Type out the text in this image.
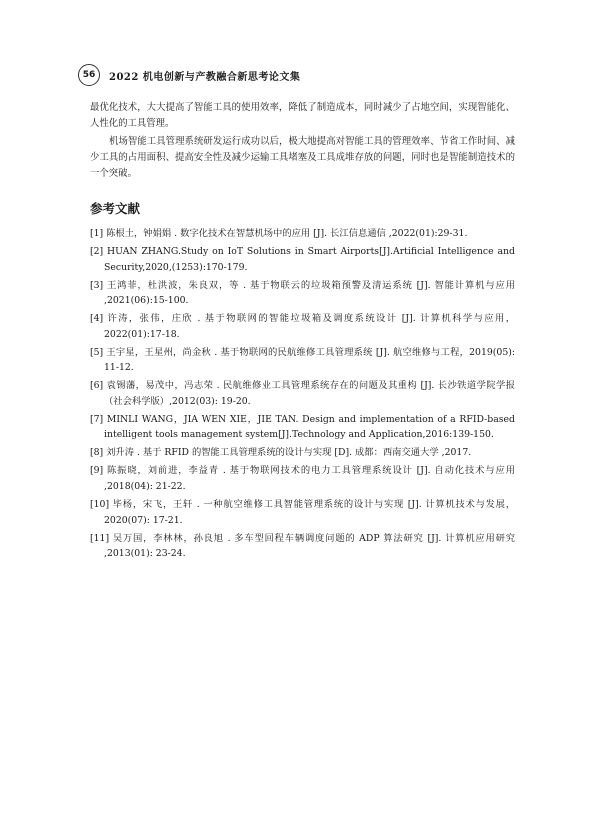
56	2022 机电创新与产教融合新思考论文集

最优化技术，大大提高了智能工具的使用效率，降低了制造成本，同时减少了占地空间，实现智能化、人性化的工具管理。

机场智能工具管理系统研发运行成功以后，极大地提高对智能工具的管理效率、节省工作时间、减少工具的占用面积、提高安全性及减少运输工具堵塞及工具成堆存放的问题，同时也是智能制造技术的一个突破。

参考文献
[1] 陈根土，钟娟娟 . 数字化技术在智慧机场中的应用 [J]. 长江信息通信 ,2022(01):29-31.
[2] HUAN ZHANG.Study on IoT Solutions in Smart Airports[J].Artificial Intelligence and Security,2020,(1253):170-179.
[3] 王鸿菲，杜洪波，朱良双，等 . 基于物联云的垃圾箱预警及清运系统 [J]. 智能计算机与应用 ,2021(06):15-100.
[4] 许涛，张伟，庄欣 . 基于物联网的智能垃圾箱及调度系统设计 [J]. 计算机科学与应用，2022(01):17-18.
[5] 王宇星，王星州，尚金秋 . 基于物联网的民航维修工具管理系统 [J]. 航空维修与工程，2019(05): 11-12.
[6] 袁锡藩，易茂中，冯志荣 . 民航维修业工具管理系统存在的问题及其重构 [J]. 长沙铁道学院学报（社会科学版）,2012(03): 19-20.
[7] MINLI WANG，JIA WEN XIE，JIE TAN. Design and implementation of a RFID-based intelligent tools management system[J].Technology and Application,2016:139-150.
[8] 刘升涛 . 基于 RFID 的智能工具管理系统的设计与实现 [D]. 成都：西南交通大学 ,2017.
[9] 陈振晓，刘前进，李益青 . 基于物联网技术的电力工具管理系统设计 [J]. 自动化技术与应用 ,2018(04): 21-22.
[10] 毕杨，宋飞，王轩 . 一种航空维修工具智能管理系统的设计与实现 [J]. 计算机技术与发展，2020(07): 17-21.
[11] 吴万国，李林林，孙良旭 . 多车型回程车辆调度问题的 ADP 算法研究 [J]. 计算机应用研究 ,2013(01): 23-24.
